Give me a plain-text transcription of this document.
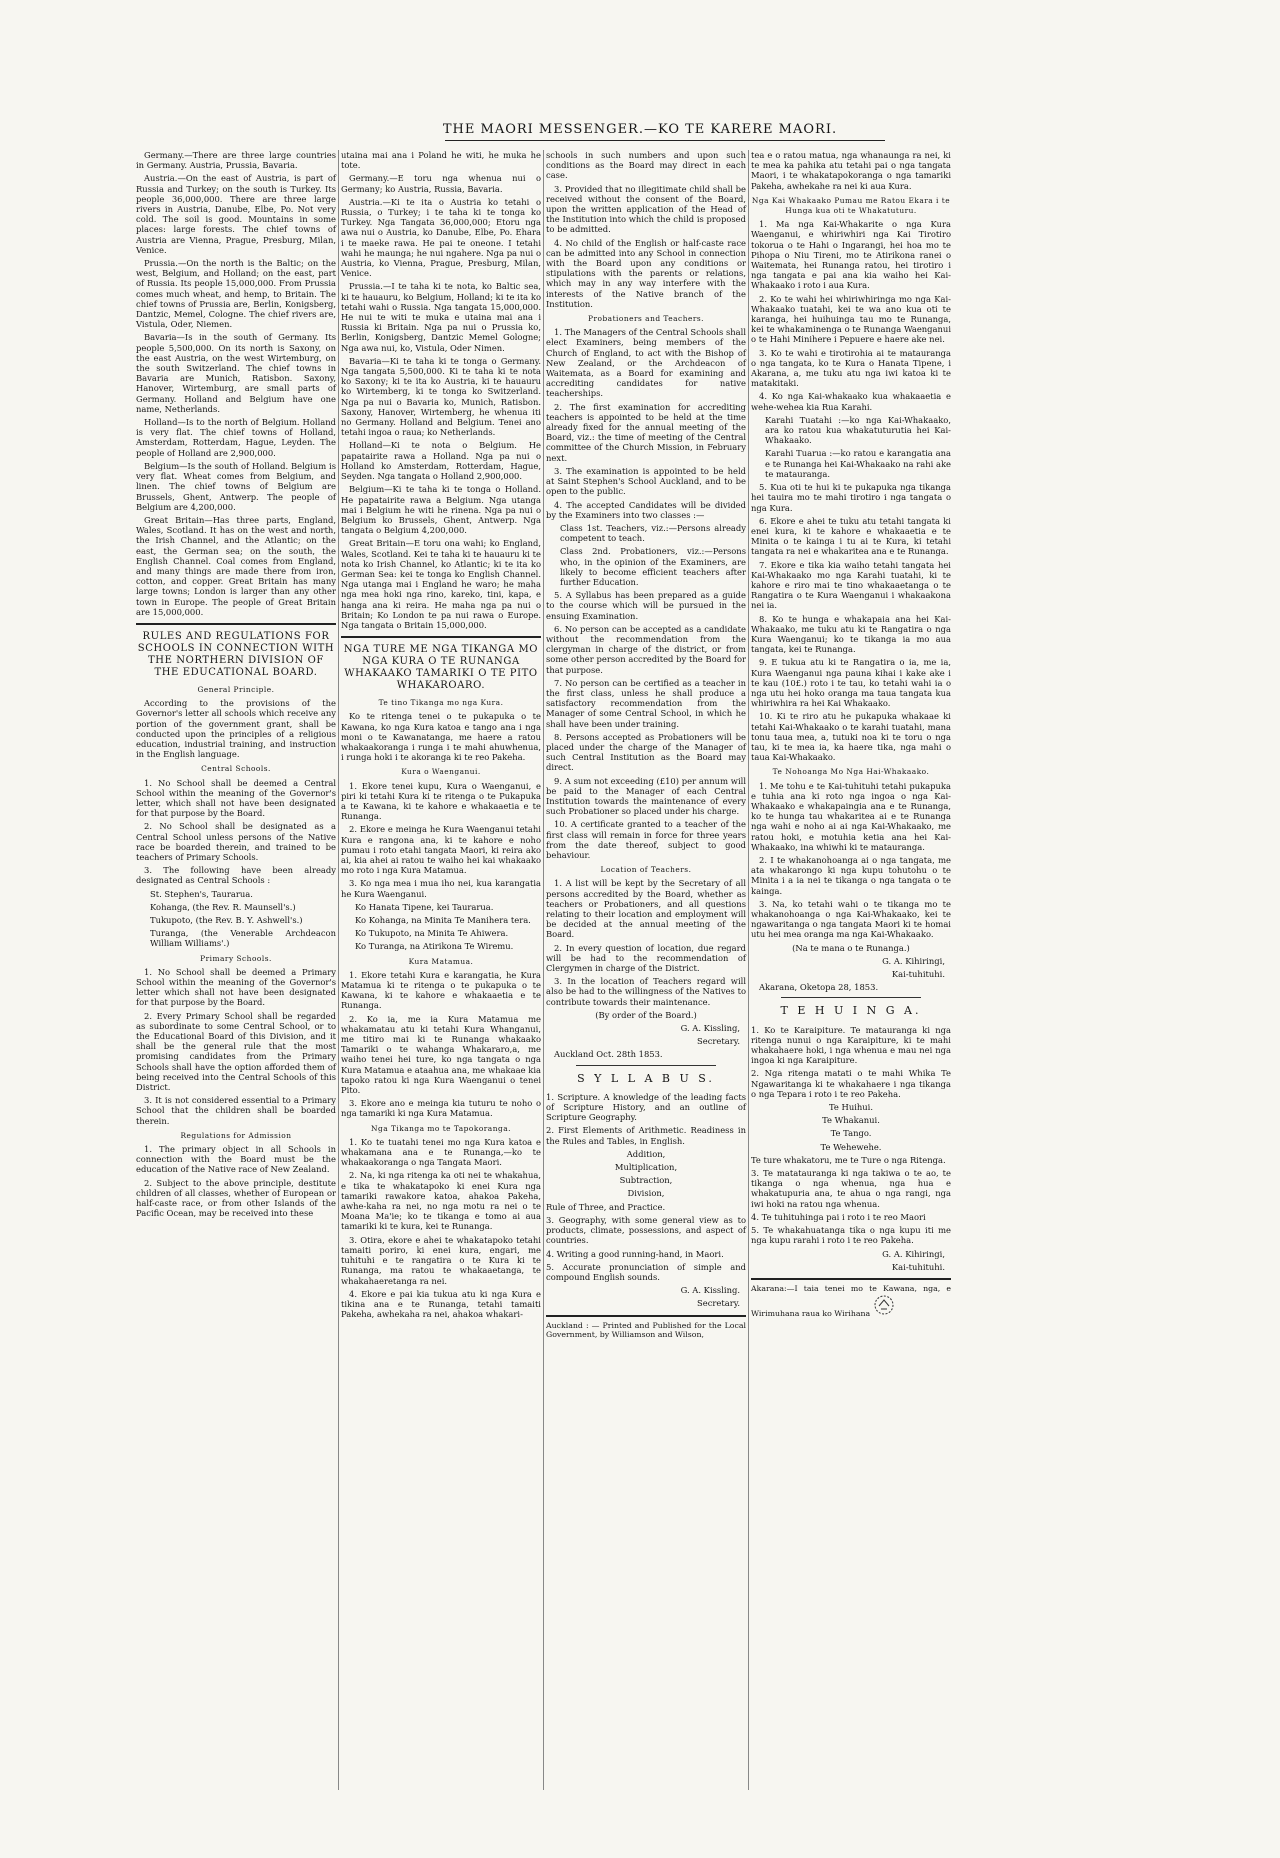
THE MAORI MESSENGER.—KO TE KARERE MAORI.

Germany.—There are three large countries in Germany. Austria, Prussia, Bavaria.

Austria.—On the east of Austria, is part of Russia and Turkey; on the south is Turkey. Its people 36,000,000. There are three large rivers in Austria, Danube, Elbe, Po. Not very cold. The soil is good. Mountains in some places: large forests. The chief towns of Austria are Vienna, Prague, Presburg, Milan, Venice.

Prussia.—On the north is the Baltic; on the west, Belgium, and Holland; on the east, part of Russia. Its people 15,000,000. From Prussia comes much wheat, and hemp, to Britain. The chief towns of Prussia are, Berlin, Konigsberg, Dantzic, Memel, Cologne. The chief rivers are, Vistula, Oder, Niemen.

Bavaria—Is in the south of Germany. Its people 5,500,000. On its north is Saxony, on the east Austria, on the west Wirtemburg, on the south Switzerland. The chief towns in Bavaria are Munich, Ratisbon. Saxony, Hanover, Wirtemburg, are small parts of Germany. Holland and Belgium have one name, Netherlands.

Holland—Is to the north of Belgium. Holland is very flat. The chief towns of Holland, Amsterdam, Rotterdam, Hague, Leyden. The people of Holland are 2,900,000.

Belgium—Is the south of Holland. Belgium is very flat. Wheat comes from Belgium, and linen. The chief towns of Belgium are Brussels, Ghent, Antwerp. The people of Belgium are 4,200,000.

Great Britain—Has three parts, England, Wales, Scotland. It has on the west and north, the Irish Channel, and the Atlantic; on the east, the German sea; on the south, the English Channel. Coal comes from England, and many things are made there from iron, cotton, and copper. Great Britain has many large towns; London is larger than any other town in Europe. The people of Great Britain are 15,000,000.

RULES AND REGULATIONS FOR SCHOOLS IN CONNECTION WITH THE NORTHERN DIVISION OF THE EDUCATIONAL BOARD.

General Principle.

According to the provisions of the Governor's letter all schools which receive any portion of the government grant, shall be conducted upon the principles of a religious education, industrial training, and instruction in the English language.

Central Schools.

1. No School shall be deemed a Central School within the meaning of the Governor's letter, which shall not have been designated for that purpose by the Board.

2. No School shall be designated as a Central School unless persons of the Native race be boarded therein, and trained to be teachers of Primary Schools.

3. The following have been already designated as Central Schools :

St. Stephen's, Taurarua.

Kohanga, (the Rev. R. Maunsell's.)

Tukupoto, (the Rev. B. Y. Ashwell's.)

Turanga, (the Venerable Archdeacon William Williams'.)

Primary Schools.

1. No School shall be deemed a Primary School within the meaning of the Governor's letter which shall not have been designated for that purpose by the Board.

2. Every Primary School shall be regarded as subordinate to some Central School, or to the Educational Board of this Division, and it shall be the general rule that the most promising candidates from the Primary Schools shall have the option afforded them of being received into the Central Schools of this District.

3. It is not considered essential to a Primary School that the children shall be boarded therein.

Regulations for Admission

1. The primary object in all Schools in connection with the Board must be the education of the Native race of New Zealand.

2. Subject to the above principle, destitute children of all classes, whether of European or half-caste race, or from other Islands of the Pacific Ocean, may be received into these

utaina mai ana i Poland he witi, he muka he tote.

Germany.—E toru nga whenua nui o Germany; ko Austria, Russia, Bavaria.

Austria.—Ki te ita o Austria ko tetahi o Russia, o Turkey; i te taha ki te tonga ko Turkey. Nga Tangata 36,000,000; Etoru nga awa nui o Austria, ko Danube, Elbe, Po. Ehara i te maeke rawa. He pai te oneone. I tetahi wahi he maunga; he nui ngahere. Nga pa nui o Austria, ko Vienna, Prague, Presburg, Milan, Venice.

Prussia.—I te taha ki te nota, ko Baltic sea, ki te hauauru, ko Belgium, Holland; ki te ita ko tetahi wahi o Russia. Nga tangata 15,000,000. He nui te witi te muka e utaina mai ana i Russia ki Britain. Nga pa nui o Prussia ko, Berlin, Konigsberg, Dantzic Memel Gologne; Nga awa nui, ko, Vistula, Oder Nimen.

Bavaria—Ki te taha ki te tonga o Germany. Nga tangata 5,500,000. Ki te taha ki te nota ko Saxony; ki te ita ko Austria, ki te hauauru ko Wirtemberg, ki te tonga ko Switzerland. Nga pa nui o Bavaria ko, Munich, Ratisbon. Saxony, Hanover, Wirtemberg, he whenua iti no Germany. Holland and Belgium. Tenei ano tetahi ingoa o raua; ko Netherlands.

Holland—Ki te nota o Belgium. He papatairite rawa a Holland. Nga pa nui o Holland ko Amsterdam, Rotterdam, Hague, Seyden. Nga tangata o Holland 2,900,000.

Belgium—Ki te taha ki te tonga o Holland. He papatairite rawa a Belgium. Nga utanga mai i Belgium he witi he rinena. Nga pa nui o Belgium ko Brussels, Ghent, Antwerp. Nga tangata o Belgium 4,200,000.

Great Britain—E toru ona wahi; ko England, Wales, Scotland. Kei te taha ki te hauauru ki te nota ko Irish Channel, ko Atlantic; ki te ita ko German Sea: kei te tonga ko English Channel. Nga utanga mai i England he waro; he maha nga mea hoki nga rino, kareko, tini, kapa, e hanga ana ki reira. He maha nga pa nui o Britain; Ko London te pa nui rawa o Europe. Nga tangata o Britain 15,000,000.

NGA TURE ME NGA TIKANGA MO NGA KURA O TE RUNANGA WHAKAAKO TAMARIKI O TE PITO WHAKAROARO.

Te tino Tikanga mo nga Kura.

Ko te ritenga tenei o te pukapuka o te Kawana, ko nga Kura katoa e tango ana i nga moni o te Kawanatanga, me haere a ratou whakaakoranga i runga i te mahi ahuwhenua, i runga hoki i te akoranga ki te reo Pakeha.

Kura o Waenganui.

1. Ekore tenei kupu, Kura o Waenganui, e piri ki tetahi Kura ki te ritenga o te Pukapuka a te Kawana, ki te kahore e whakaaetia e te Runanga.

2. Ekore e meinga he Kura Waenganui tetahi Kura e rangona ana, ki te kahore e noho pumau i roto etahi tangata Maori, ki reira ako ai, kia ahei ai ratou te waiho hei kai whakaako mo roto i nga Kura Matamua.

3. Ko nga mea i mua iho nei, kua karangatia he Kura Waenganui.

Ko Hanata Tipene, kei Taurarua.

Ko Kohanga, na Minita Te Manihera tera.

Ko Tukupoto, na Minita Te Ahiwera.

Ko Turanga, na Atirikona Te Wiremu.

Kura Matamua.

1. Ekore tetahi Kura e karangatia, he Kura Matamua ki te ritenga o te pukapuka o te Kawana, ki te kahore e whakaaetia e te Runanga.

2. Ko ia, me ia Kura Matamua me whakamatau atu ki tetahi Kura Whanganui, me titiro mai ki te Runanga whakaako Tamariki o te wahanga Whakararo,a, me waiho tenei hei ture, ko nga tangata o nga Kura Matamua e ataahua ana, me whakaae kia tapoko ratou ki nga Kura Waenganui o tenei Pito.

3. Ekore ano e meinga kia tuturu te noho o nga tamariki ki nga Kura Matamua.

Nga Tikanga mo te Tapokoranga.

1. Ko te tuatahi tenei mo nga Kura katoa e whakamana ana e te Runanga,—ko te whakaakoranga o nga Tangata Maori.

2. Na, ki nga ritenga ka oti nei te whakahua, e tika te whakatapoko ki enei Kura nga tamariki rawakore katoa, ahakoa Pakeha, awhe-kaha ra nei, no nga motu ra nei o te Moana Ma'ie; ko te tikanga e tomo ai aua tamariki ki te kura, kei te Runanga.

3. Otira, ekore e ahei te whakatapoko tetahi tamaiti poriro, ki enei kura, engari, me tuhituhi e te rangatira o te Kura ki te Runanga, ma ratou te whakaaetanga, te whakahaeretanga ra nei.

4. Ekore e pai kia tukua atu ki nga Kura e tikina ana e te Runanga, tetahi tamaiti Pakeha, awhekaha ra nei, ahakoa whakari-

schools in such numbers and upon such conditions as the Board may direct in each case.

3. Provided that no illegitimate child shall be received without the consent of the Board, upon the written application of the Head of the Institution into which the child is proposed to be admitted.

4. No child of the English or half-caste race can be admitted into any School in connection with the Board upon any conditions or stipulations with the parents or relations, which may in any way interfere with the interests of the Native branch of the Institution.

Probationers and Teachers.

1. The Managers of the Central Schools shall elect Examiners, being members of the Church of England, to act with the Bishop of New Zealand, or the Archdeacon of Waitemata, as a Board for examining and accrediting candidates for native teacherships.

2. The first examination for accrediting teachers is appointed to be held at the time already fixed for the annual meeting of the Board, viz.: the time of meeting of the Central committee of the Church Mission, in February next.

3. The examination is appointed to be held at Saint Stephen's School Auckland, and to be open to the public.

4. The accepted Candidates will be divided by the Examiners into two classes :—

Class 1st. Teachers, viz.:—Persons already competent to teach.

Class 2nd. Probationers, viz.:—Persons who, in the opinion of the Examiners, are likely to become efficient teachers after further Education.

5. A Syllabus has been prepared as a guide to the course which will be pursued in the ensuing Examination.

6. No person can be accepted as a candidate without the recommendation from the clergyman in charge of the district, or from some other person accredited by the Board for that purpose.

7. No person can be certified as a teacher in the first class, unless he shall produce a satisfactory recommendation from the Manager of some Central School, in which he shall have been under training.

8. Persons accepted as Probationers will be placed under the charge of the Manager of such Central Institution as the Board may direct.

9. A sum not exceeding (£10) per annum will be paid to the Manager of each Central Institution towards the maintenance of every such Probationer so placed under his charge.

10. A certificate granted to a teacher of the first class will remain in force for three years from the date thereof, subject to good behaviour.

Location of Teachers.

1. A list will be kept by the Secretary of all persons accredited by the Board, whether as teachers or Probationers, and all questions relating to their location and employment will be decided at the annual meeting of the Board.

2. In every question of location, due regard will be had to the recommendation of Clergymen in charge of the District.

3. In the location of Teachers regard will also be had to the willingness of the Natives to contribute towards their maintenance.

(By order of the Board.)

G. A. Kissling,

Secretary.

Auckland Oct. 28th 1853.

S Y L L A B U S.

1. Scripture. A knowledge of the leading facts of Scripture History, and an outline of Scripture Geography.

2. First Elements of Arithmetic. Readiness in the Rules and Tables, in English.

Addition,

Multiplication,

Subtraction,

Division,

Rule of Three, and Practice.

3. Geography, with some general view as to products, climate, possessions, and aspect of countries.

4. Writing a good running-hand, in Maori.

5. Accurate pronunciation of simple and compound English sounds.

G. A. Kissling.

Secretary.

Auckland : — Printed and Published for the Local Government, by Williamson and Wilson,

tea e o ratou matua, nga whanaunga ra nei, ki te mea ka pahika atu tetahi pai o nga tangata Maori, i te whakatapokoranga o nga tamariki Pakeha, awhekahe ra nei ki aua Kura.

Nga Kai Whakaako Pumau me Ratou Ekara i te Hunga kua oti te Whakatuturu.

1. Ma nga Kai-Whakarite o nga Kura Waenganui, e whiriwhiri nga Kai Tirotiro tokorua o te Hahi o Ingarangi, hei hoa mo te Pihopa o Niu Tireni, mo te Atirikona ranei o Waitemata, hei Runanga ratou, hei tirotiro i nga tangata e pai ana kia waiho hei Kai-Whakaako i roto i aua Kura.

2. Ko te wahi hei whiriwhiringa mo nga Kai-Whakaako tuatahi, kei te wa ano kua oti te karanga, hei huihuinga tau mo te Runanga, kei te whakaminenga o te Runanga Waenganui o te Hahi Minihere i Pepuere e haere ake nei.

3. Ko te wahi e tirotirohia ai te matauranga o nga tangata, ko te Kura o Hanata Tipene, i Akarana, a, me tuku atu nga iwi katoa ki te matakitaki.

4. Ko nga Kai-whakaako kua whakaaetia e wehe-wehea kia Rua Karahi.

Karahi Tuatahi :—ko nga Kai-Whakaako, ara ko ratou kua whakatuturutia hei Kai-Whakaako.

Karahi Tuarua :—ko ratou e karangatia ana e te Runanga hei Kai-Whakaako na rahi ake te matauranga.

5. Kua oti te hui ki te pukapuka nga tikanga hei tauira mo te mahi tirotiro i nga tangata o nga Kura.

6. Ekore e ahei te tuku atu tetahi tangata ki enei kura, ki te kahore e whakaaetia e te Minita o te kainga i tu ai te Kura, ki tetahi tangata ra nei e whakaritea ana e te Runanga.

7. Ekore e tika kia waiho tetahi tangata hei Kai-Whakaako mo nga Karahi tuatahi, ki te kahore e riro mai te tino whakaaetanga o te Rangatira o te Kura Waenganui i whakaakona nei ia.

8. Ko te hunga e whakapaia ana hei Kai-Whakaako, me tuku atu ki te Rangatira o nga Kura Waenganui; ko te tikanga ia mo aua tangata, kei te Runanga.

9. E tukua atu ki te Rangatira o ia, me ia, Kura Waenganui nga pauna kihai i kake ake i te kau (10£.) roto i te tau, ko tetahi wahi ia o nga utu hei hoko oranga ma taua tangata kua whiriwhira ra hei Kai Whakaako.

10. Ki te riro atu he pukapuka whakaae ki tetahi Kai-Whakaako o te karahi tuatahi, mana tonu taua mea, a, tutuki noa ki te toru o nga tau, ki te mea ia, ka haere tika, nga mahi o taua Kai-Whakaako.

Te Nohoanga Mo Nga Hai-Whakaako.

1. Me tohu e te Kai-tuhituhi tetahi pukapuka e tuhia ana ki roto nga ingoa o nga Kai-Whakaako e whakapaingia ana e te Runanga, ko te hunga tau whakaritea ai e te Runanga nga wahi e noho ai ai nga Kai-Whakaako, me ratou hoki, e motuhia ketia ana hei Kai-Whakaako, ina whiwhi ki te matauranga.

2. I te whakanohoanga ai o nga tangata, me ata whakarongo ki nga kupu tohutohu o te Minita i a ia nei te tikanga o nga tangata o te kainga.

3. Na, ko tetahi wahi o te tikanga mo te whakanohoanga o nga Kai-Whakaako, kei te ngawaritanga o nga tangata Maori ki te homai utu hei mea oranga ma nga Kai-Whakaako.

(Na te mana o te Runanga.)

G. A. Kihiringi,

Kai-tuhituhi.

Akarana, Oketopa 28, 1853.

T E H U I N G A.

1. Ko te Karaipiture. Te matauranga ki nga ritenga nunui o nga Karaipiture, ki te mahi whakahaere hoki, i nga whenua e mau nei nga ingoa ki nga Karaipiture.

2. Nga ritenga matati o te mahi Whika Te Ngawaritanga ki te whakahaere i nga tikanga o nga Tepara i roto i te reo Pakeha.

Te Huihui.

Te Whakanui.

Te Tango.

Te Wehewehe.

Te ture whakatoru, me te Ture o nga Ritenga.

3. Te matatauranga ki nga takiwa o te ao, te tikanga o nga whenua, nga hua e whakatupuria ana, te ahua o nga rangi, nga iwi hoki na ratou nga whenua.

4. Te tuhituhinga pai i roto i te reo Maori

5. Te whakahuatanga tika o nga kupu iti me nga kupu rarahi i roto i te reo Pakeha.

G. A. Kihiringi,

Kai-tuhituhi.

Akarana:—I taia tenei mo te Kawana, nga, e Wirimuhana raua ko Wirihana
